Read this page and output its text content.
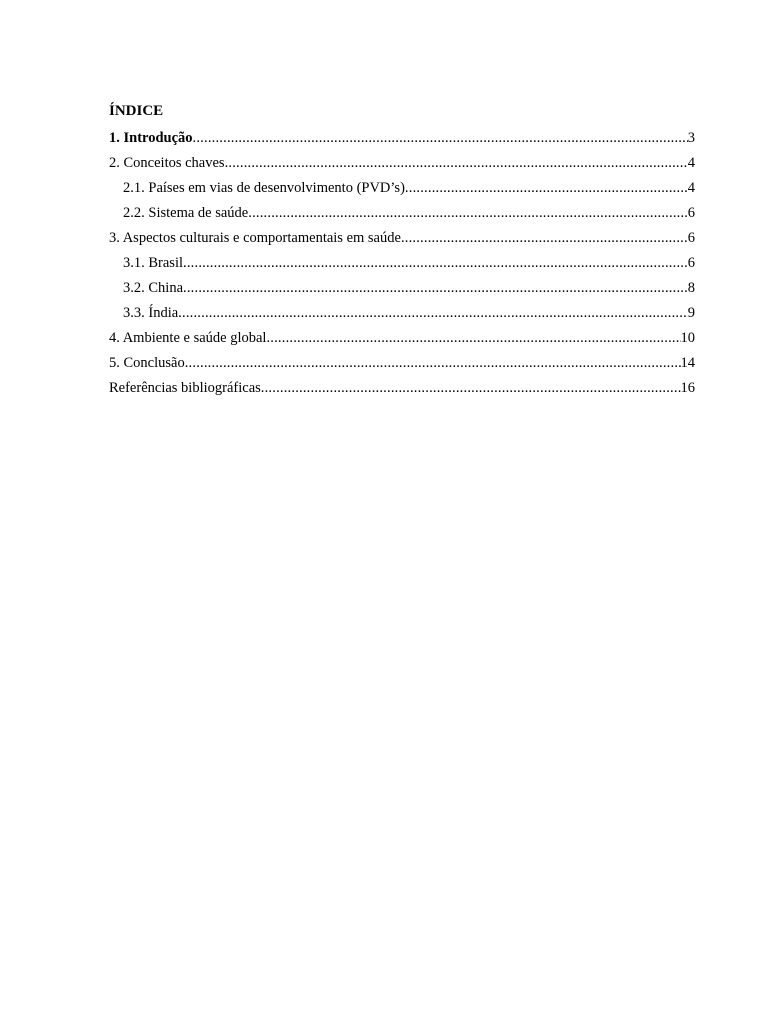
ÍNDICE
1. Introdução .....	3
2. Conceitos chaves .....	4
2.1. Países em vias de desenvolvimento (PVD’s) .....	4
2.2. Sistema de saúde .....	6
3. Aspectos culturais e comportamentais em saúde .....	6
3.1. Brasil .....	6
3.2. China .....	8
3.3. Índia .....	9
4. Ambiente e saúde global .....	10
5. Conclusão .....	14
Referências bibliográficas .....	16
